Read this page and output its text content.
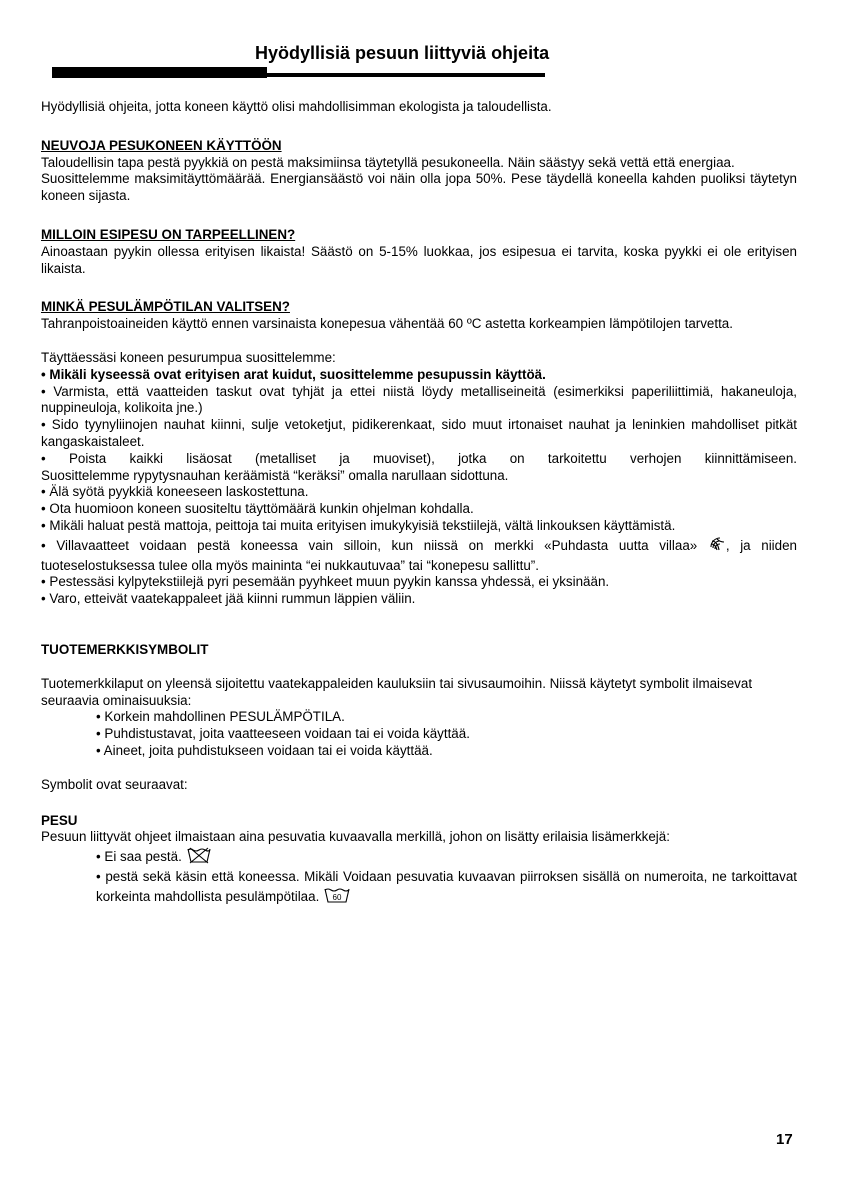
Hyödyllisiä pesuun liittyviä ohjeita

Hyödyllisiä ohjeita, jotta koneen käyttö olisi mahdollisimman ekologista ja taloudellista.

NEUVOJA PESUKONEEN KÄYTTÖÖN

Taloudellisin tapa pestä pyykkiä on pestä maksimiinsa täytetyllä pesukoneella. Näin säästyy sekä vettä että energiaa.

Suosittelemme maksimitäyttömäärää. Energiansäästö voi näin olla jopa 50%. Pese täydellä koneella kahden puoliksi täytetyn koneen sijasta.

MILLOIN ESIPESU ON TARPEELLINEN?

Ainoastaan pyykin ollessa erityisen likaista! Säästö on 5-15% luokkaa, jos esipesua ei tarvita, koska pyykki ei ole erityisen likaista.

MINKÄ PESULÄMPÖTILAN VALITSEN?

Tahranpoistoaineiden käyttö ennen varsinaista konepesua vähentää 60 ºC astetta korkeampien lämpötilojen tarvetta.

Täyttäessäsi koneen pesurumpua suosittelemme:

• Mikäli kyseessä ovat erityisen arat kuidut, suosittelemme pesupussin käyttöä.

• Varmista, että vaatteiden taskut ovat tyhjät ja ettei niistä löydy metalliseineitä (esimerkiksi paperiliittimiä, hakaneuloja, nuppineuloja, kolikoita jne.)

• Sido tyynyliinojen nauhat kiinni, sulje vetoketjut, pidikerenkaat, sido muut irtonaiset nauhat ja leninkien mahdolliset pitkät kangaskaistaleet.

• Poista kaikki lisäosat (metalliset ja muoviset), jotka on tarkoitettu verhojen kiinnittämiseen.

Suosittelemme rypytysnauhan keräämistä “keräksi” omalla narullaan sidottuna.

• Älä syötä pyykkiä koneeseen laskostettuna.

• Ota huomioon koneen suositeltu täyttömäärä kunkin ohjelman kohdalla.

• Mikäli haluat pestä mattoja, peittoja tai muita erityisen imukykyisiä tekstiilejä, vältä linkouksen käyttämistä.

• Villavaatteet voidaan pestä koneessa vain silloin, kun niissä on merkki «Puhdasta uutta villaa» , ja niiden tuoteselostuksessa tulee olla myös maininta “ei nukkautuvaa” tai “konepesu sallittu”.

• Pestessäsi kylpytekstiilejä pyri pesemään pyyhkeet muun pyykin kanssa yhdessä, ei yksinään.

• Varo, etteivät vaatekappaleet jää kiinni rummun läppien väliin.

TUOTEMERKKISYMBOLIT

Tuotemerkkilaput on yleensä sijoitettu vaatekappaleiden kauluksiin tai sivusaumoihin. Niissä käytetyt symbolit ilmaisevat seuraavia ominaisuuksia:

• Korkein mahdollinen PESULÄMPÖTILA.

• Puhdistustavat, joita vaatteeseen voidaan tai ei voida käyttää.

• Aineet, joita puhdistukseen voidaan tai ei voida käyttää.

Symbolit ovat seuraavat:

PESU

Pesuun liittyvät ohjeet ilmaistaan aina pesuvatia kuvaavalla merkillä, johon on lisätty erilaisia lisämerkkejä:

• Ei saa pestä.

• pestä sekä käsin että koneessa. Mikäli Voidaan pesuvatia kuvaavan piirroksen sisällä on numeroita, ne tarkoittavat korkeinta mahdollista pesulämpötilaa. 60

17
